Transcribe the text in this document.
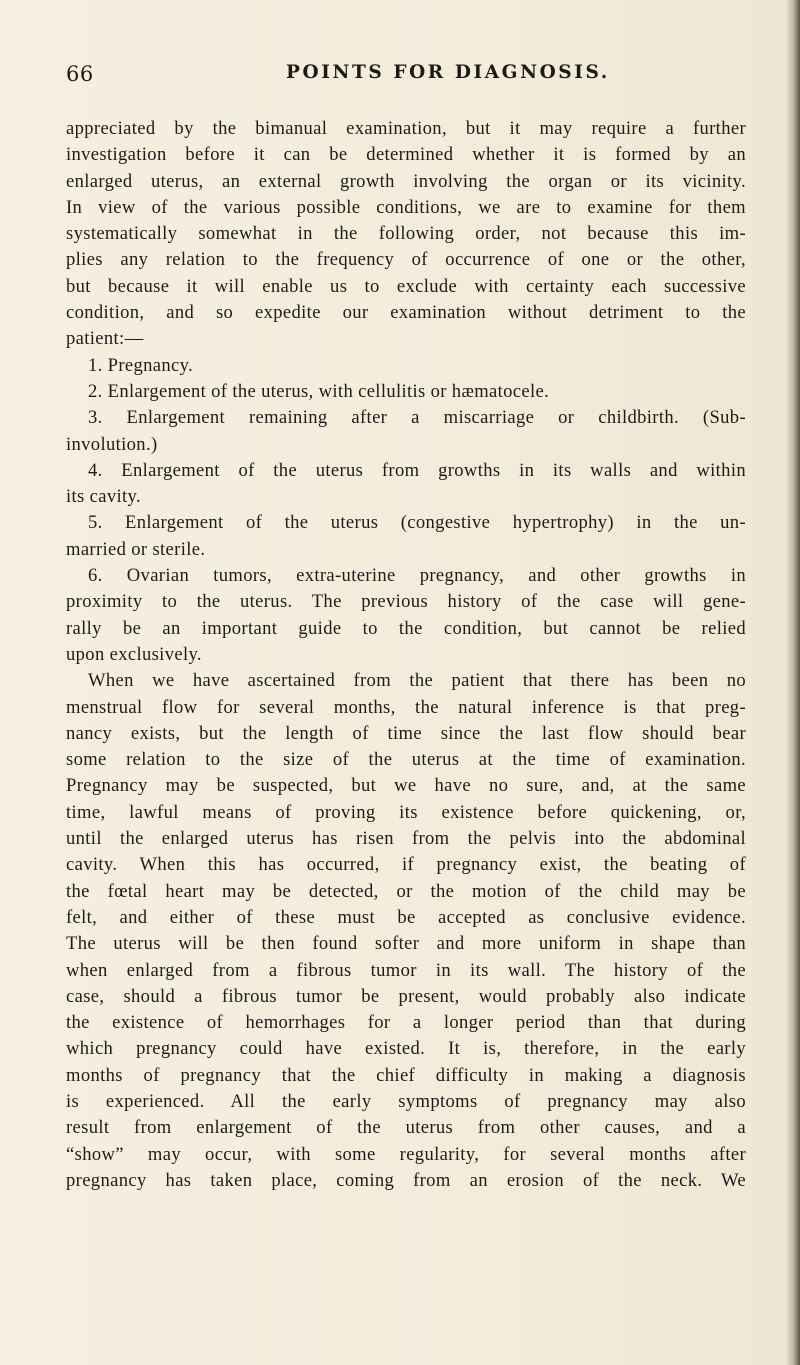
66	POINTS FOR DIAGNOSIS.
appreciated by the bimanual examination, but it may require a further
investigation before it can be determined whether it is formed by an
enlarged uterus, an external growth involving the organ or its vicinity.
In view of the various possible conditions, we are to examine for them
systematically somewhat in the following order, not because this im-
plies any relation to the frequency of occurrence of one or the other,
but because it will enable us to exclude with certainty each successive
condition, and so expedite our examination without detriment to the
patient:—
1. Pregnancy.
2. Enlargement of the uterus, with cellulitis or hæmatocele.
3. Enlargement remaining after a miscarriage or childbirth. (Sub-
involution.)
4. Enlargement of the uterus from growths in its walls and within
its cavity.
5. Enlargement of the uterus (congestive hypertrophy) in the un-
married or sterile.
6. Ovarian tumors, extra-uterine pregnancy, and other growths in
proximity to the uterus. The previous history of the case will gene-
rally be an important guide to the condition, but cannot be relied
upon exclusively.
When we have ascertained from the patient that there has been no
menstrual flow for several months, the natural inference is that preg-
nancy exists, but the length of time since the last flow should bear
some relation to the size of the uterus at the time of examination.
Pregnancy may be suspected, but we have no sure, and, at the same
time, lawful means of proving its existence before quickening, or,
until the enlarged uterus has risen from the pelvis into the abdominal
cavity. When this has occurred, if pregnancy exist, the beating of
the fœtal heart may be detected, or the motion of the child may be
felt, and either of these must be accepted as conclusive evidence.
The uterus will be then found softer and more uniform in shape than
when enlarged from a fibrous tumor in its wall. The history of the
case, should a fibrous tumor be present, would probably also indicate
the existence of hemorrhages for a longer period than that during
which pregnancy could have existed. It is, therefore, in the early
months of pregnancy that the chief difficulty in making a diagnosis
is experienced. All the early symptoms of pregnancy may also
result from enlargement of the uterus from other causes, and a
“show” may occur, with some regularity, for several months after
pregnancy has taken place, coming from an erosion of the neck. We
